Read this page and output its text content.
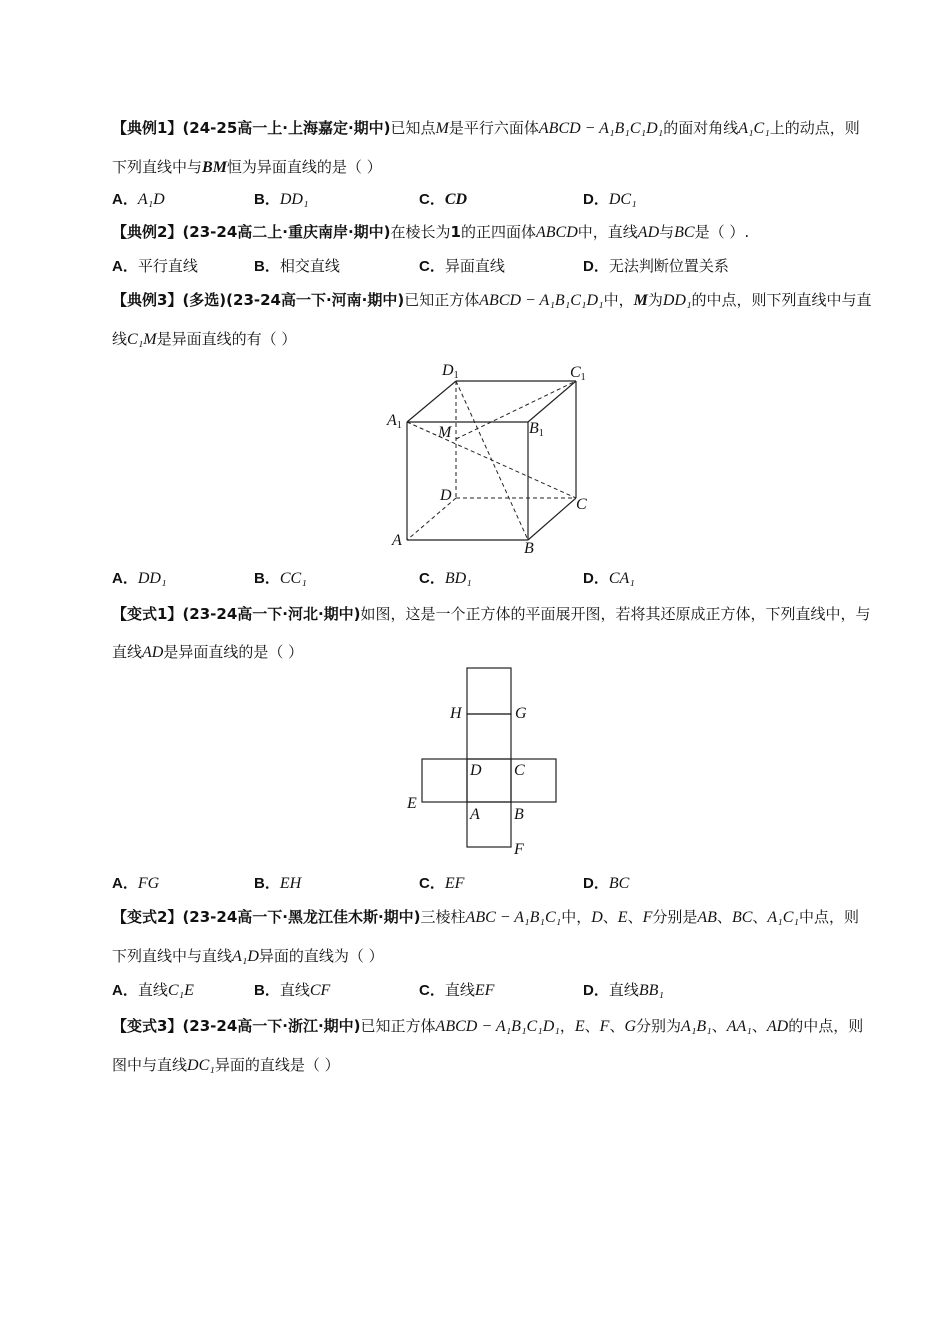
【典例1】(24-25高一上·上海嘉定·期中)已知点M是平行六面体ABCD − A₁B₁C₁D₁的面对角线A₁C₁上的动点，则下列直线中与BM恒为异面直线的是（ ）
A．A₁D	B．DD₁	C．CD	D．DC₁
【典例2】(23-24高二上·重庆南岸·期中)在棱长为1的正四面体ABCD中，直线AD与BC是（ ）.
A．平行直线	B．相交直线	C．异面直线	D．无法判断位置关系
【典例3】(多选)(23-24高一下·河南·期中)已知正方体ABCD − A₁B₁C₁D₁中，M为DD₁的中点，则下列直线中与直线C₁M是异面直线的有（ ）
D1	C1
A1	B1
M
D
C
A	B
A．DD₁	B．CC₁	C．BD₁	D．CA₁
【变式1】(23-24高一下·河北·期中)如图，这是一个正方体的平面展开图，若将其还原成正方体，下列直线中，与直线AD是异面直线的是（ ）
H	G
D C
E
A B
F
A．FG	B．EH	C．EF	D．BC
【变式2】(23-24高一下·黑龙江佳木斯·期中)三棱柱ABC − A₁B₁C₁中，D、E、F分别是AB、BC、A₁C₁中点，则下列直线中与直线A₁D异面的直线为（ ）
A．直线C₁E	B．直线CF	C．直线EF	D．直线BB₁
【变式3】(23-24高一下·浙江·期中)已知正方体ABCD − A₁B₁C₁D₁，E、F、G分别为A₁B₁、AA₁、AD的中点，则图中与直线DC₁异面的直线是（ ）
